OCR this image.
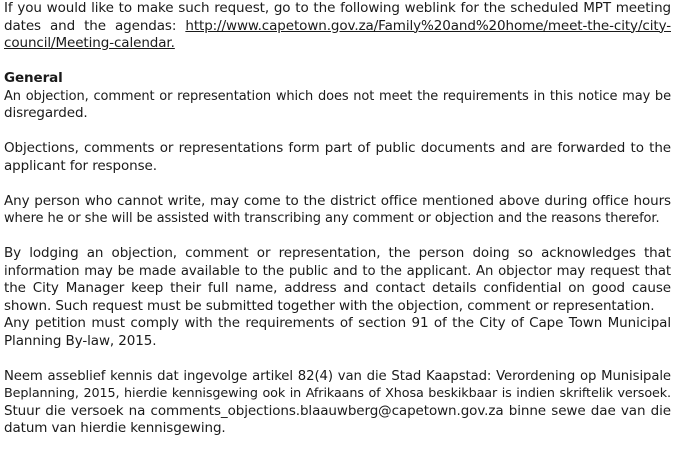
If you would like to make such request, go to the following weblink for the scheduled MPT meeting
dates and the agendas: http://www.capetown.gov.za/Family%20and%20home/meet-the-city/city-
council/Meeting-calendar.
General
An objection, comment or representation which does not meet the requirements in this notice may be
disregarded.
Objections, comments or representations form part of public documents and are forwarded to the
applicant for response.
Any person who cannot write, may come to the district office mentioned above during office hours
where he or she will be assisted with transcribing any comment or objection and the reasons therefor.
By lodging an objection, comment or representation, the person doing so acknowledges that
information may be made available to the public and to the applicant. An objector may request that
the City Manager keep their full name, address and contact details confidential on good cause
shown. Such request must be submitted together with the objection, comment or representation.
Any petition must comply with the requirements of section 91 of the City of Cape Town Municipal
Planning By-law, 2015.
Neem asseblief kennis dat ingevolge artikel 82(4) van die Stad Kaapstad: Verordening op Munisipale
Beplanning, 2015, hierdie kennisgewing ook in Afrikaans of Xhosa beskikbaar is indien skriftelik versoek.
Stuur die versoek na comments_objections.blaauwberg@capetown.gov.za binne sewe dae van die
datum van hierdie kennisgewing.
